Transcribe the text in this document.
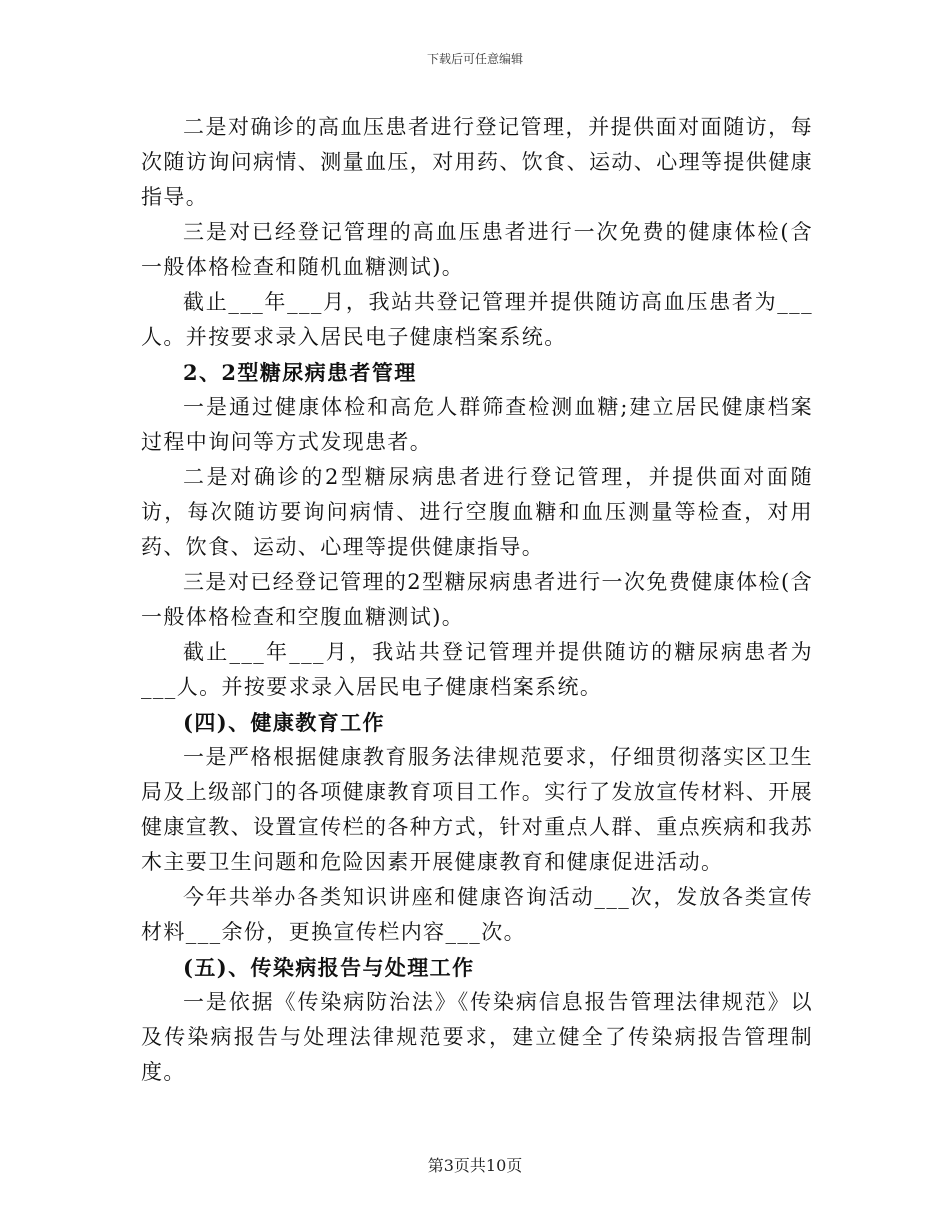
下载后可任意编辑

二是对确诊的高血压患者进行登记管理，并提供面对面随访，每次随访询问病情、测量血压，对用药、饮食、运动、心理等提供健康指导。

三是对已经登记管理的高血压患者进行一次免费的健康体检(含一般体格检查和随机血糖测试)。

截止___年___月，我站共登记管理并提供随访高血压患者为___人。并按要求录入居民电子健康档案系统。

2、2型糖尿病患者管理

一是通过健康体检和高危人群筛查检测血糖;建立居民健康档案过程中询问等方式发现患者。

二是对确诊的2型糖尿病患者进行登记管理，并提供面对面随访，每次随访要询问病情、进行空腹血糖和血压测量等检查，对用药、饮食、运动、心理等提供健康指导。

三是对已经登记管理的2型糖尿病患者进行一次免费健康体检(含一般体格检查和空腹血糖测试)。

截止___年___月，我站共登记管理并提供随访的糖尿病患者为___人。并按要求录入居民电子健康档案系统。

(四)、健康教育工作

一是严格根据健康教育服务法律规范要求，仔细贯彻落实区卫生局及上级部门的各项健康教育项目工作。实行了发放宣传材料、开展健康宣教、设置宣传栏的各种方式，针对重点人群、重点疾病和我苏木主要卫生问题和危险因素开展健康教育和健康促进活动。

今年共举办各类知识讲座和健康咨询活动___次，发放各类宣传材料___余份，更换宣传栏内容___次。

(五)、传染病报告与处理工作

一是依据《传染病防治法》《传染病信息报告管理法律规范》以及传染病报告与处理法律规范要求，建立健全了传染病报告管理制度。

第3页共10页
